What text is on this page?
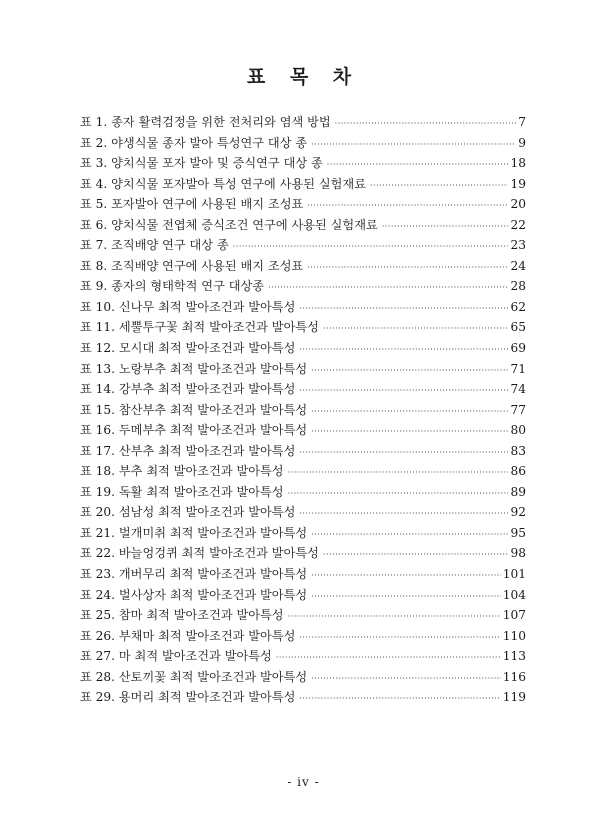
표 목 차
표 1. 종자 활력검정을 위한 전처리와 염색 방법 ·····	7
표 2. 야생식물 종자 발아 특성연구 대상 종 ·····	9
표 3. 양치식물 포자 발아 및 증식연구 대상 종 ·····	18
표 4. 양치식물 포자발아 특성 연구에 사용된 실험재료 ·····	19
표 5. 포자발아 연구에 사용된 배지 조성표 ·····	20
표 6. 양치식물 전엽체 증식조건 연구에 사용된 실험재료 ·····	22
표 7. 조직배양 연구 대상 종 ·····	23
표 8. 조직배양 연구에 사용된 배지 조성표 ·····	24
표 9. 종자의 형태학적 연구 대상종 ·····	28
표 10. 신나무 최적 발아조건과 발아특성 ·····	62
표 11. 세뿔투구꽃 최적 발아조건과 발아특성 ·····	65
표 12. 모시대 최적 발아조건과 발아특성 ·····	69
표 13. 노랑부추 최적 발아조건과 발아특성 ·····	71
표 14. 강부추 최적 발아조건과 발아특성 ·····	74
표 15. 참산부추 최적 발아조건과 발아특성 ·····	77
표 16. 두메부추 최적 발아조건과 발아특성 ·····	80
표 17. 산부추 최적 발아조건과 발아특성 ·····	83
표 18. 부추 최적 발아조건과 발아특성 ·····	86
표 19. 독활 최적 발아조건과 발아특성 ·····	89
표 20. 섬남성 최적 발아조건과 발아특성 ·····	92
표 21. 벌개미취 최적 발아조건과 발아특성 ·····	95
표 22. 바늘엉겅퀴 최적 발아조건과 발아특성 ·····	98
표 23. 개버무리 최적 발아조건과 발아특성 ·····	101
표 24. 벌사상자 최적 발아조건과 발아특성 ·····	104
표 25. 참마 최적 발아조건과 발아특성 ·····	107
표 26. 부채마 최적 발아조건과 발아특성 ·····	110
표 27. 마 최적 발아조건과 발아특성 ·····	113
표 28. 산토끼꽃 최적 발아조건과 발아특성 ·····	116
표 29. 용머리 최적 발아조건과 발아특성 ·····	119
- iv -
